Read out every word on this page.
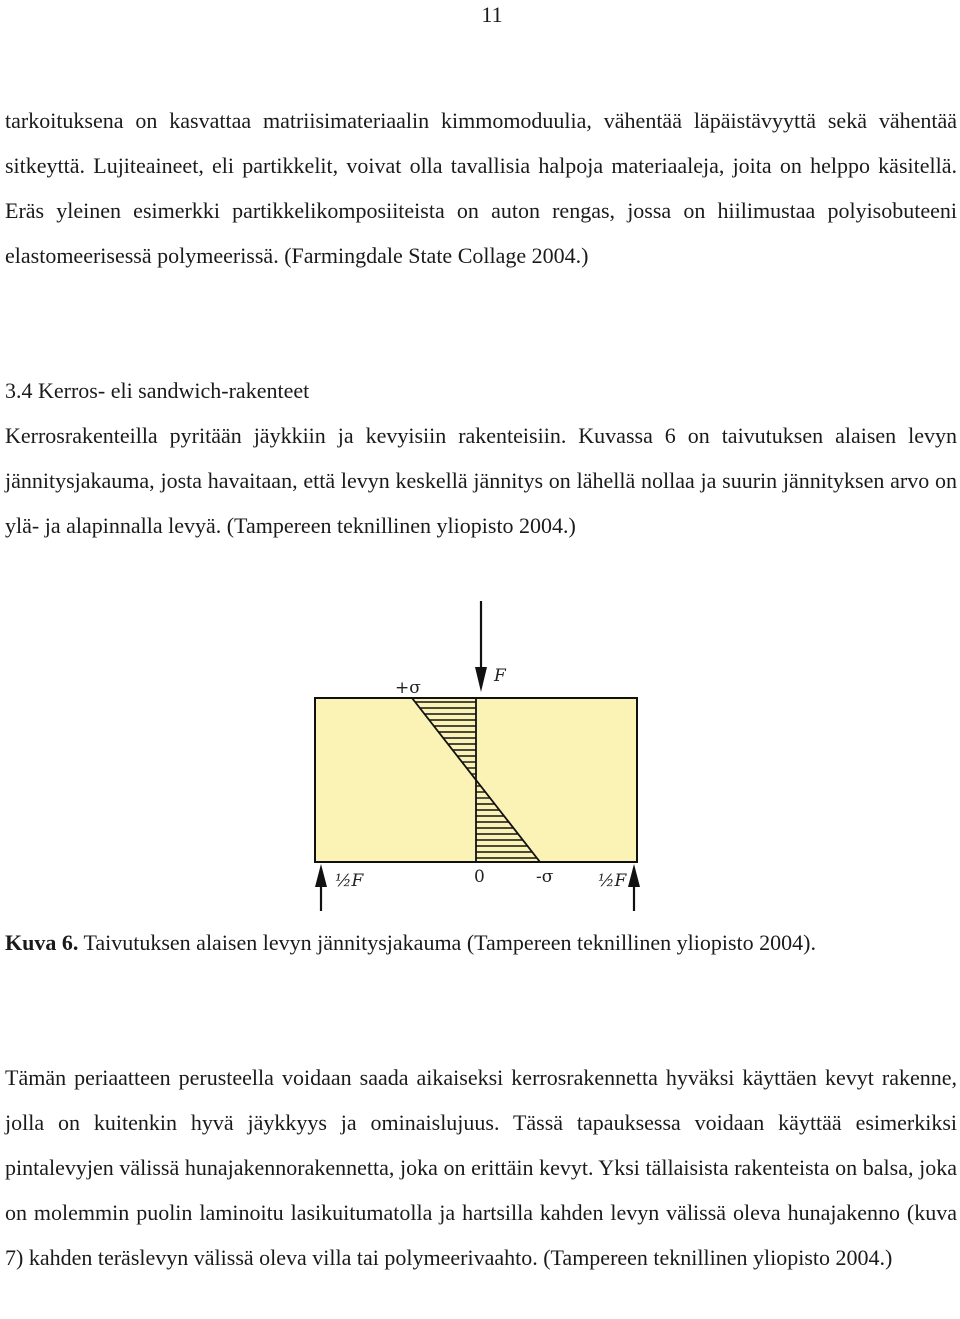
11

tarkoituksena on kasvattaa matriisimateriaalin kimmomoduulia, vähentää läpäistävyyttä sekä vähentää sitkeyttä. Lujiteaineet, eli partikkelit, voivat olla tavallisia halpoja materiaaleja, joita on helppo käsitellä. Eräs yleinen esimerkki partikkelikomposiiteista on auton rengas, jossa on hiilimustaa polyisobuteeni elastomeerisessä polymeerissä. (Farmingdale State Collage 2004.)

3.4 Kerros- eli sandwich-rakenteet

Kerrosrakenteilla pyritään jäykkiin ja kevyisiin rakenteisiin. Kuvassa 6 on taivutuksen alaisen levyn jännitysjakauma, josta havaitaan, että levyn keskellä jännitys on lähellä nollaa ja suurin jännityksen arvo on ylä- ja alapinnalla levyä. (Tampereen teknillinen yliopisto 2004.)

+σ
F
½F	0	-σ	½F

Kuva 6. Taivutuksen alaisen levyn jännitysjakauma (Tampereen teknillinen yliopisto 2004).

Tämän periaatteen perusteella voidaan saada aikaiseksi kerrosrakennetta hyväksi käyttäen kevyt rakenne, jolla on kuitenkin hyvä jäykkyys ja ominaislujuus. Tässä tapauksessa voidaan käyttää esimerkiksi pintalevyjen välissä hunajakennorakennetta, joka on erittäin kevyt. Yksi tällaisista rakenteista on balsa, joka on molemmin puolin laminoitu lasikuitumatolla ja hartsilla kahden levyn välissä oleva hunajakenno (kuva 7) kahden teräslevyn välissä oleva villa tai polymeerivaahto. (Tampereen teknillinen yliopisto 2004.)
